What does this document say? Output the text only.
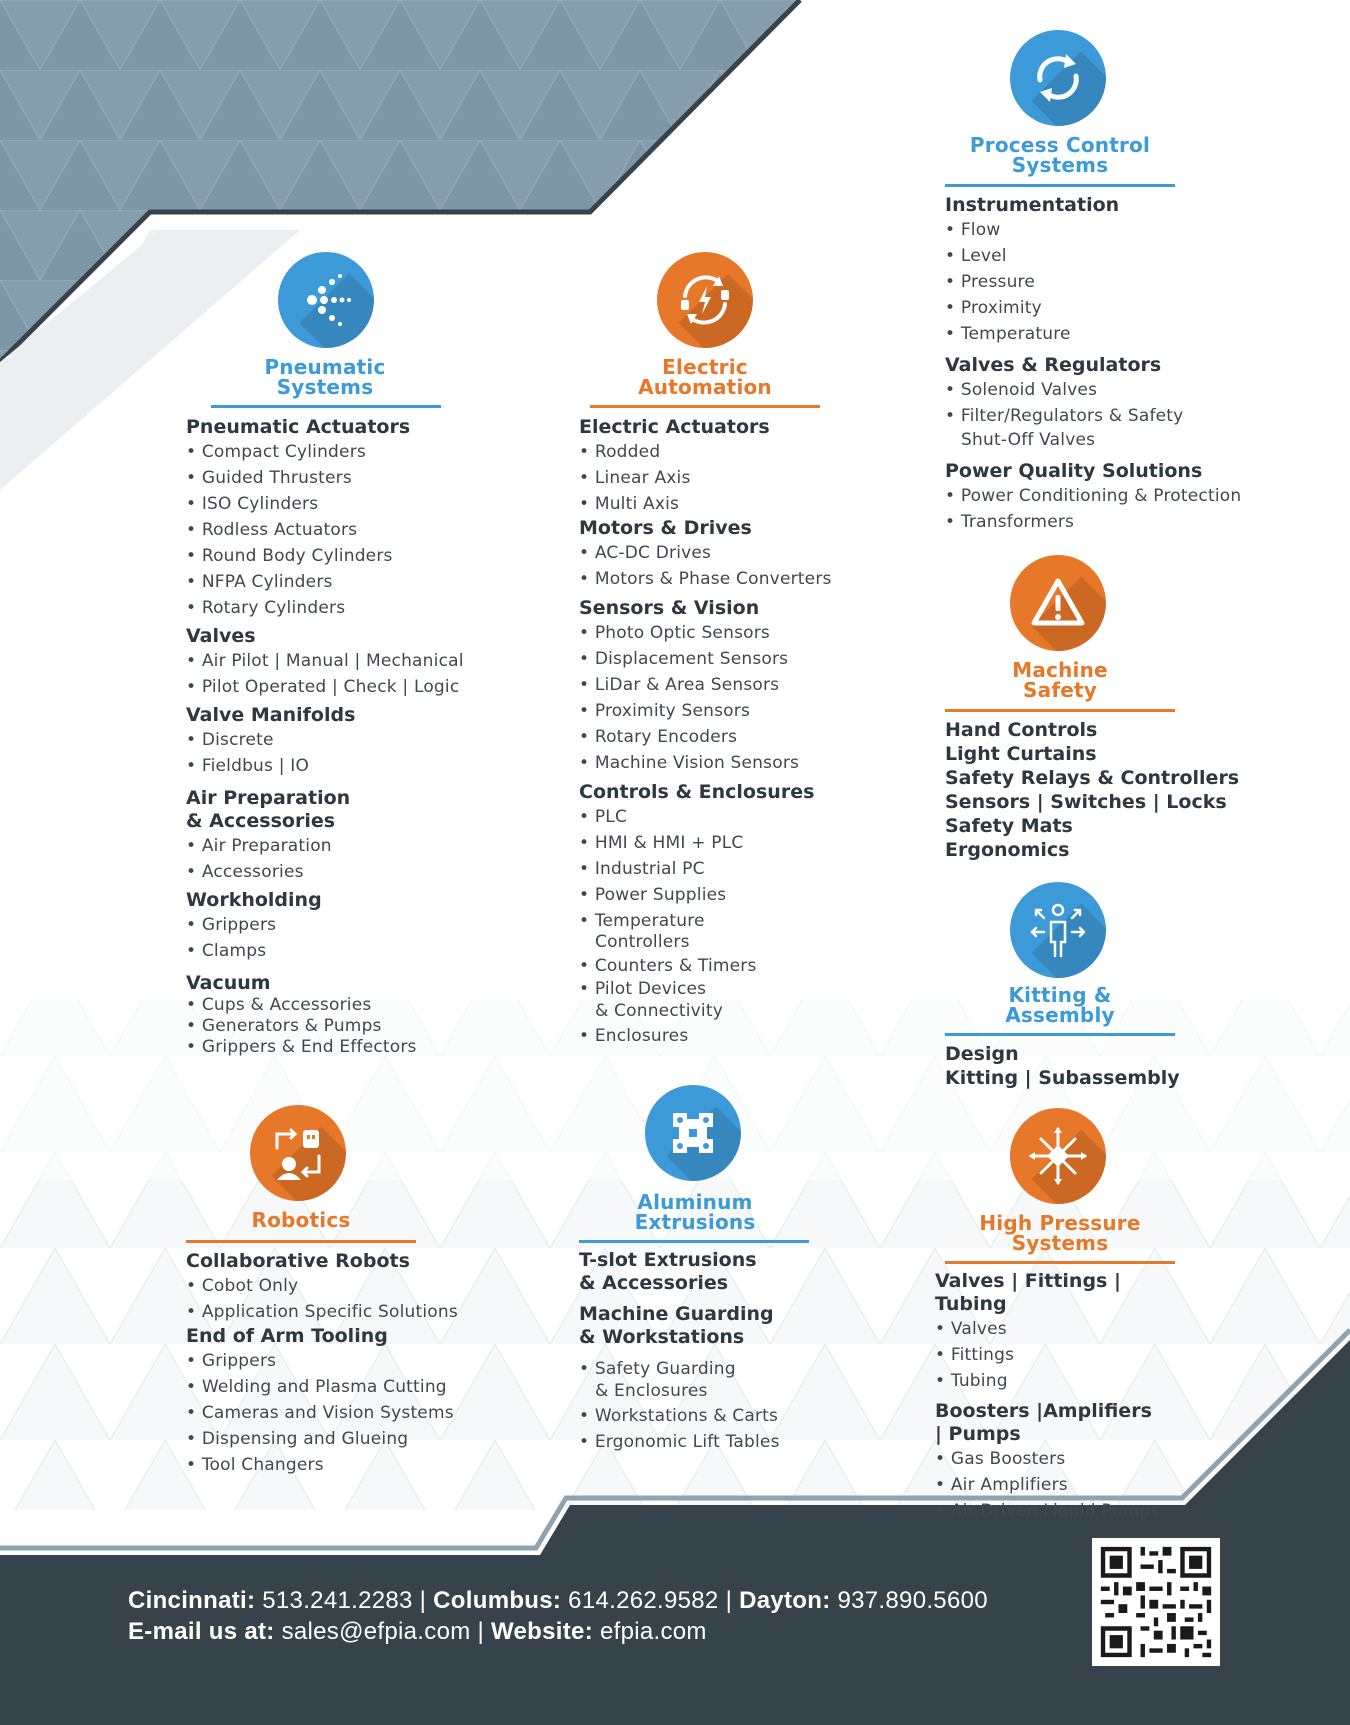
Pneumatic
Systems
Pneumatic Actuators
• Compact Cylinders
• Guided Thrusters
• ISO Cylinders
• Rodless Actuators
• Round Body Cylinders
• NFPA Cylinders
• Rotary Cylinders
Valves
• Air Pilot | Manual | Mechanical
• Pilot Operated | Check | Logic
Valve Manifolds
• Discrete
• Fieldbus | IO
Air Preparation
& Accessories
• Air Preparation
• Accessories
Workholding
• Grippers
• Clamps
Vacuum
• Cups & Accessories
• Generators & Pumps
• Grippers & End Effectors
Electric
Automation
Electric Actuators
• Rodded
• Linear Axis
• Multi Axis
Motors & Drives
• AC-DC Drives
• Motors & Phase Converters
Sensors & Vision
• Photo Optic Sensors
• Displacement Sensors
• LiDar & Area Sensors
• Proximity Sensors
• Rotary Encoders
• Machine Vision Sensors
Controls & Enclosures
• PLC
• HMI & HMI + PLC
• Industrial PC
• Power Supplies
• Temperature
Controllers
• Counters & Timers
• Pilot Devices
& Connectivity
• Enclosures
Process Control
Systems
Instrumentation
• Flow
• Level
• Pressure
• Proximity
• Temperature
Valves & Regulators
• Solenoid Valves
• Filter/Regulators & Safety
Shut-Off Valves
Power Quality Solutions
• Power Conditioning & Protection
• Transformers
Machine
Safety
Hand Controls
Light Curtains
Safety Relays & Controllers
Sensors | Switches | Locks
Safety Mats
Ergonomics
Kitting &
Assembly
Design
Kitting | Subassembly
Robotics
Collaborative Robots
• Cobot Only
• Application Specific Solutions
End of Arm Tooling
• Grippers
• Welding and Plasma Cutting
• Cameras and Vision Systems
• Dispensing and Glueing
• Tool Changers
Aluminum
Extrusions
T-slot Extrusions
& Accessories
Machine Guarding
& Workstations
• Safety Guarding
& Enclosures
• Workstations & Carts
• Ergonomic Lift Tables
High Pressure
Systems
Valves | Fittings | Tubing
• Valves
• Fittings
• Tubing
Boosters |Amplifiers | Pumps
• Gas Boosters
• Air Amplifiers
• Air Driven Liquid Pumps
Cincinnati: 513.241.2283 | Columbus: 614.262.9582 | Dayton: 937.890.5600
E-mail us at: sales@efpia.com | Website: efpia.com
